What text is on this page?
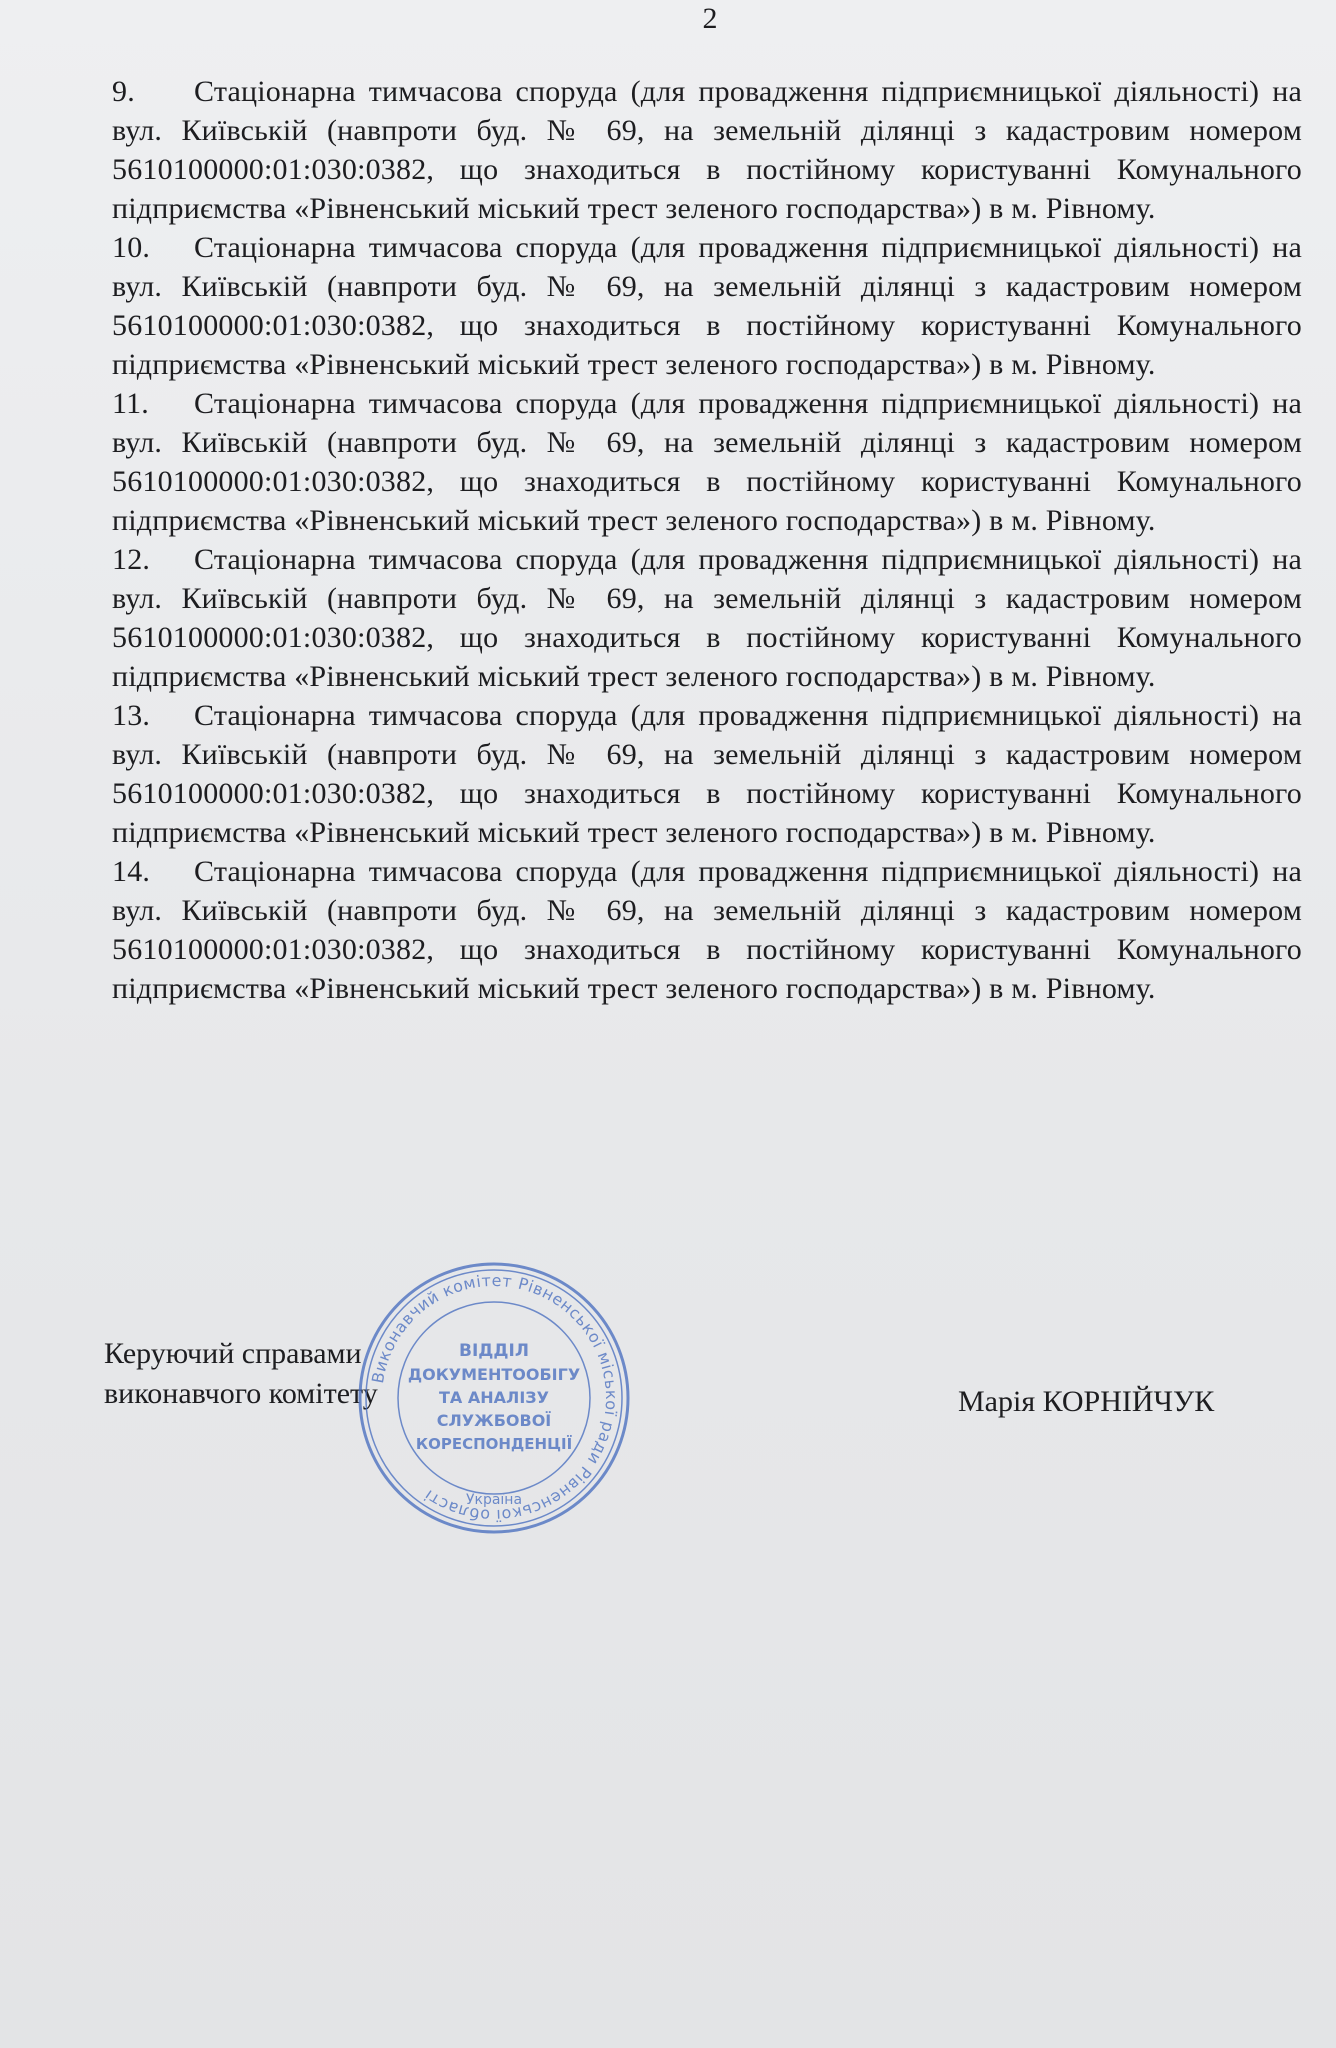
2
9. Стаціонарна тимчасова споруда (для провадження підприємницької діяльності) на вул. Київській (навпроти буд. № 69, на земельній ділянці з кадастровим номером 5610100000:01:030:0382, що знаходиться в постійному користуванні Комунального підприємства «Рівненський міський трест зеленого господарства») в м. Рівному.
10. Стаціонарна тимчасова споруда (для провадження підприємницької діяльності) на вул. Київській (навпроти буд. № 69, на земельній ділянці з кадастровим номером 5610100000:01:030:0382, що знаходиться в постійному користуванні Комунального підприємства «Рівненський міський трест зеленого господарства») в м. Рівному.
11. Стаціонарна тимчасова споруда (для провадження підприємницької діяльності) на вул. Київській (навпроти буд. № 69, на земельній ділянці з кадастровим номером 5610100000:01:030:0382, що знаходиться в постійному користуванні Комунального підприємства «Рівненський міський трест зеленого господарства») в м. Рівному.
12. Стаціонарна тимчасова споруда (для провадження підприємницької діяльності) на вул. Київській (навпроти буд. № 69, на земельній ділянці з кадастровим номером 5610100000:01:030:0382, що знаходиться в постійному користуванні Комунального підприємства «Рівненський міський трест зеленого господарства») в м. Рівному.
13. Стаціонарна тимчасова споруда (для провадження підприємницької діяльності) на вул. Київській (навпроти буд. № 69, на земельній ділянці з кадастровим номером 5610100000:01:030:0382, що знаходиться в постійному користуванні Комунального підприємства «Рівненський міський трест зеленого господарства») в м. Рівному.
14. Стаціонарна тимчасова споруда (для провадження підприємницької діяльності) на вул. Київській (навпроти буд. № 69, на земельній ділянці з кадастровим номером 5610100000:01:030:0382, що знаходиться в постійному користуванні Комунального підприємства «Рівненський міський трест зеленого господарства») в м. Рівному.
Керуючий справами
виконавчого комітету	Марія КОРНІЙЧУК
Виконавчий комітет Рівненської міської ради Рівненської області	Україна
ВІДДІЛ
ДОКУМЕНТООБІГУ
ТА АНАЛІЗУ
СЛУЖБОВОЇ
КОРЕСПОНДЕНЦІЇ
